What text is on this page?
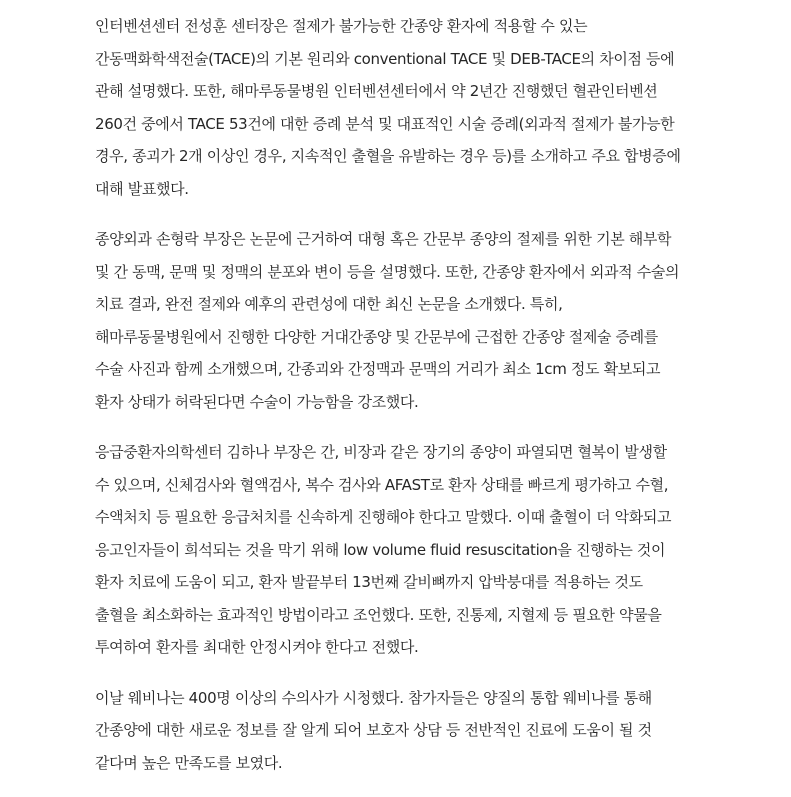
인터벤션센터 전성훈 센터장은 절제가 불가능한 간종양 환자에 적용할 수 있는
간동맥화학색전술(TACE)의 기본 원리와 conventional TACE 및 DEB-TACE의 차이점 등에
관해 설명했다. 또한, 해마루동물병원 인터벤션센터에서 약 2년간 진행했던 혈관인터벤션
260건 중에서 TACE 53건에 대한 증례 분석 및 대표적인 시술 증례(외과적 절제가 불가능한
경우, 종괴가 2개 이상인 경우, 지속적인 출혈을 유발하는 경우 등)를 소개하고 주요 합병증에
대해 발표했다.

종양외과 손형락 부장은 논문에 근거하여 대형 혹은 간문부 종양의 절제를 위한 기본 해부학
및 간 동맥, 문맥 및 정맥의 분포와 변이 등을 설명했다. 또한, 간종양 환자에서 외과적 수술의
치료 결과, 완전 절제와 예후의 관련성에 대한 최신 논문을 소개했다. 특히,
해마루동물병원에서 진행한 다양한 거대간종양 및 간문부에 근접한 간종양 절제술 증례를
수술 사진과 함께 소개했으며, 간종괴와 간정맥과 문맥의 거리가 최소 1cm 정도 확보되고
환자 상태가 허락된다면 수술이 가능함을 강조했다.

응급중환자의학센터 김하나 부장은 간, 비장과 같은 장기의 종양이 파열되면 혈복이 발생할
수 있으며, 신체검사와 혈액검사, 복수 검사와 AFAST로 환자 상태를 빠르게 평가하고 수혈,
수액처치 등 필요한 응급처치를 신속하게 진행해야 한다고 말했다. 이때 출혈이 더 악화되고
응고인자들이 희석되는 것을 막기 위해 low volume fluid resuscitation을 진행하는 것이
환자 치료에 도움이 되고, 환자 발끝부터 13번째 갈비뼈까지 압박붕대를 적용하는 것도
출혈을 최소화하는 효과적인 방법이라고 조언했다. 또한, 진통제, 지혈제 등 필요한 약물을
투여하여 환자를 최대한 안정시켜야 한다고 전했다.

이날 웨비나는 400명 이상의 수의사가 시청했다. 참가자들은 양질의 통합 웨비나를 통해
간종양에 대한 새로운 정보를 잘 알게 되어 보호자 상담 등 전반적인 진료에 도움이 될 것
같다며 높은 만족도를 보였다.
